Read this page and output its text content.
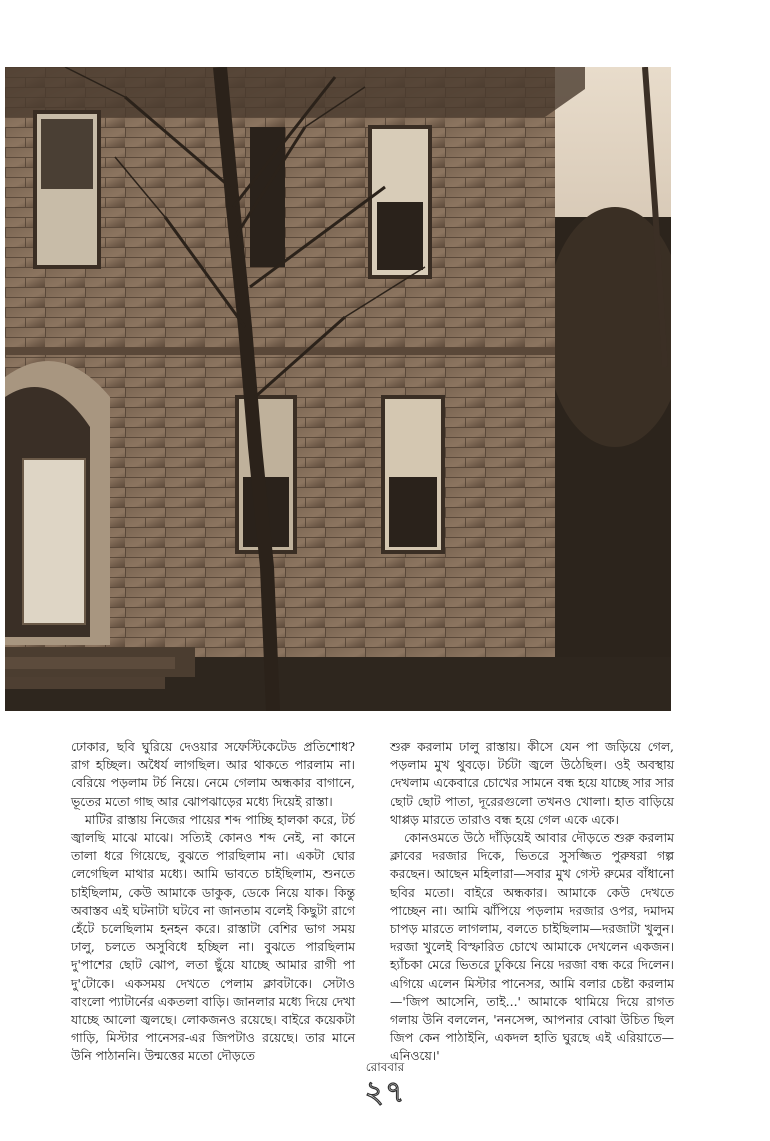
ঢোকার, ছবি ঘুরিয়ে দেওয়ার সফেস্টিকেটেড প্রতিশোধ? রাগ হচ্ছিল। অধৈর্য লাগছিল। আর থাকতে পারলাম না। বেরিয়ে পড়লাম টর্চ নিয়ে। নেমে গেলাম অন্ধকার বাগানে, ভূতের মতো গাছ আর ঝোপঝাড়ের মধ্যে দিয়েই রাস্তা।

মাটির রাস্তায় নিজের পায়ের শব্দ পাচ্ছি হালকা করে, টর্চ জ্বালছি মাঝে মাঝে। সত্যিই কোনও শব্দ নেই, না কানে তালা ধরে গিয়েছে, বুঝতে পারছিলাম না। একটা ঘোর লেগেছিল মাথার মধ্যে। আমি ভাবতে চাইছিলাম, শুনতে চাইছিলাম, কেউ আমাকে ডাকুক, ডেকে নিয়ে যাক। কিন্তু অবাস্তব এই ঘটনাটা ঘটবে না জানতাম বলেই কিছুটা রাগে হেঁটে চলেছিলাম হনহন করে। রাস্তাটা বেশির ভাগ সময় ঢালু, চলতে অসুবিধে হচ্ছিল না। বুঝতে পারছিলাম দু'পাশের ছোট ঝোপ, লতা ছুঁয়ে যাচ্ছে আমার রাগী পা দু'টোকে। একসময় দেখতে পেলাম ক্লাবটাকে। সেটাও বাংলো প্যাটার্নের একতলা বাড়ি। জানলার মধ্যে দিয়ে দেখা যাচ্ছে আলো জ্বলছে। লোকজনও রয়েছে। বাইরে কয়েকটা গাড়ি, মিস্টার পানেসর-এর জিপটাও রয়েছে। তার মানে উনি পাঠাননি। উন্মত্তের মতো দৌড়তে

শুরু করলাম ঢালু রাস্তায়। কীসে যেন পা জড়িয়ে গেল, পড়লাম মুখ থুবড়ে। টর্চটা জ্বলে উঠেছিল। ওই অবস্থায় দেখলাম একেবারে চোখের সামনে বন্ধ হয়ে যাচ্ছে সার সার ছোট ছোট পাতা, দূরেরগুলো তখনও খোলা। হাত বাড়িয়ে থাপ্পড় মারতে তারাও বন্ধ হয়ে গেল একে একে।

কোনওমতে উঠে দাঁড়িয়েই আবার দৌড়তে শুরু করলাম ক্লাবের দরজার দিকে, ভিতরে সুসজ্জিত পুরুষরা গল্প করছেন। আছেন মহিলারা—সবার মুখ গেস্ট রুমের বাঁধানো ছবির মতো। বাইরে অন্ধকার। আমাকে কেউ দেখতে পাচ্ছেন না। আমি ঝাঁপিয়ে পড়লাম দরজার ওপর, দমাদম চাপড় মারতে লাগলাম, বলতে চাইছিলাম—দরজাটা খুলুন। দরজা খুলেই বিস্ফারিত চোখে আমাকে দেখলেন একজন। হ্যাঁচকা মেরে ভিতরে ঢুকিয়ে নিয়ে দরজা বন্ধ করে দিলেন। এগিয়ে এলেন মিস্টার পানেসর, আমি বলার চেষ্টা করলাম—'জিপ আসেনি, তাই...' আমাকে থামিয়ে দিয়ে রাগত গলায় উনি বললেন, 'ননসেন্স, আপনার বোঝা উচিত ছিল জিপ কেন পাঠাইনি, একদল হাতি ঘুরছে এই এরিয়াতে—এনিওয়ে।'

রোববার
২৭
